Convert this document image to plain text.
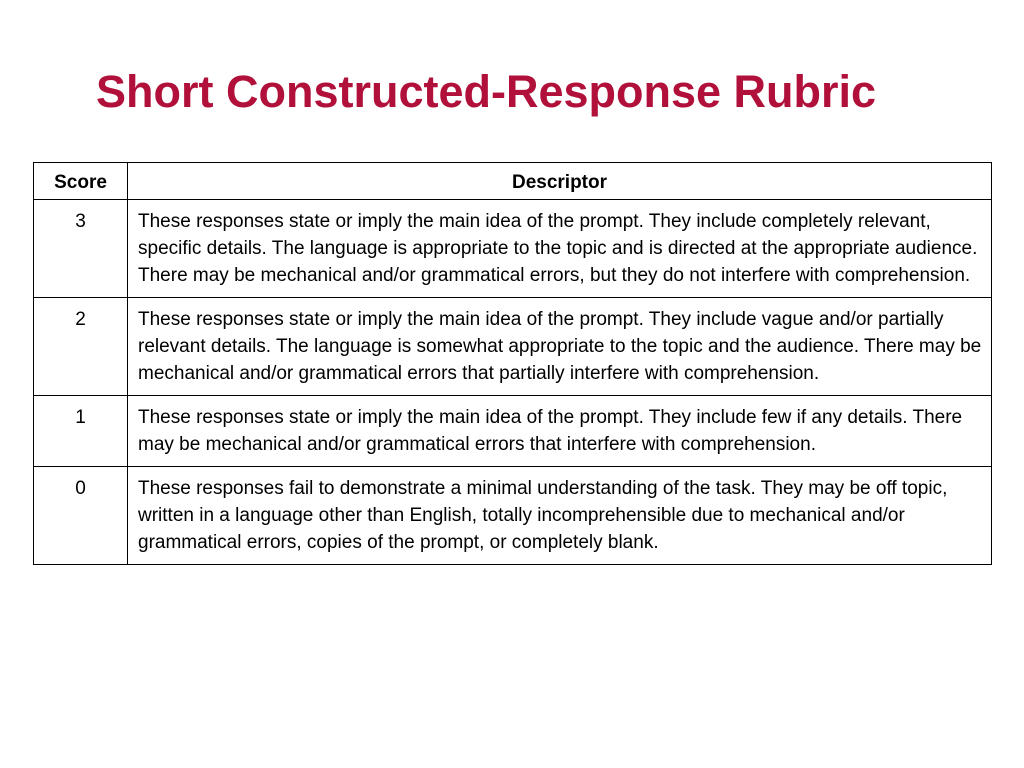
Short Constructed-Response Rubric
Score	Descriptor
3	These responses state or imply the main idea of the prompt. They include completely relevant, specific details. The language is appropriate to the topic and is directed at the appropriate audience. There may be mechanical and/or grammatical errors, but they do not interfere with comprehension.
2	These responses state or imply the main idea of the prompt. They include vague and/or partially relevant details. The language is somewhat appropriate to the topic and the audience. There may be mechanical and/or grammatical errors that partially interfere with comprehension.
1	These responses state or imply the main idea of the prompt. They include few if any details. There may be mechanical and/or grammatical errors that interfere with comprehension.
0	These responses fail to demonstrate a minimal understanding of the task. They may be off topic, written in a language other than English, totally incomprehensible due to mechanical and/or grammatical errors, copies of the prompt, or completely blank.
